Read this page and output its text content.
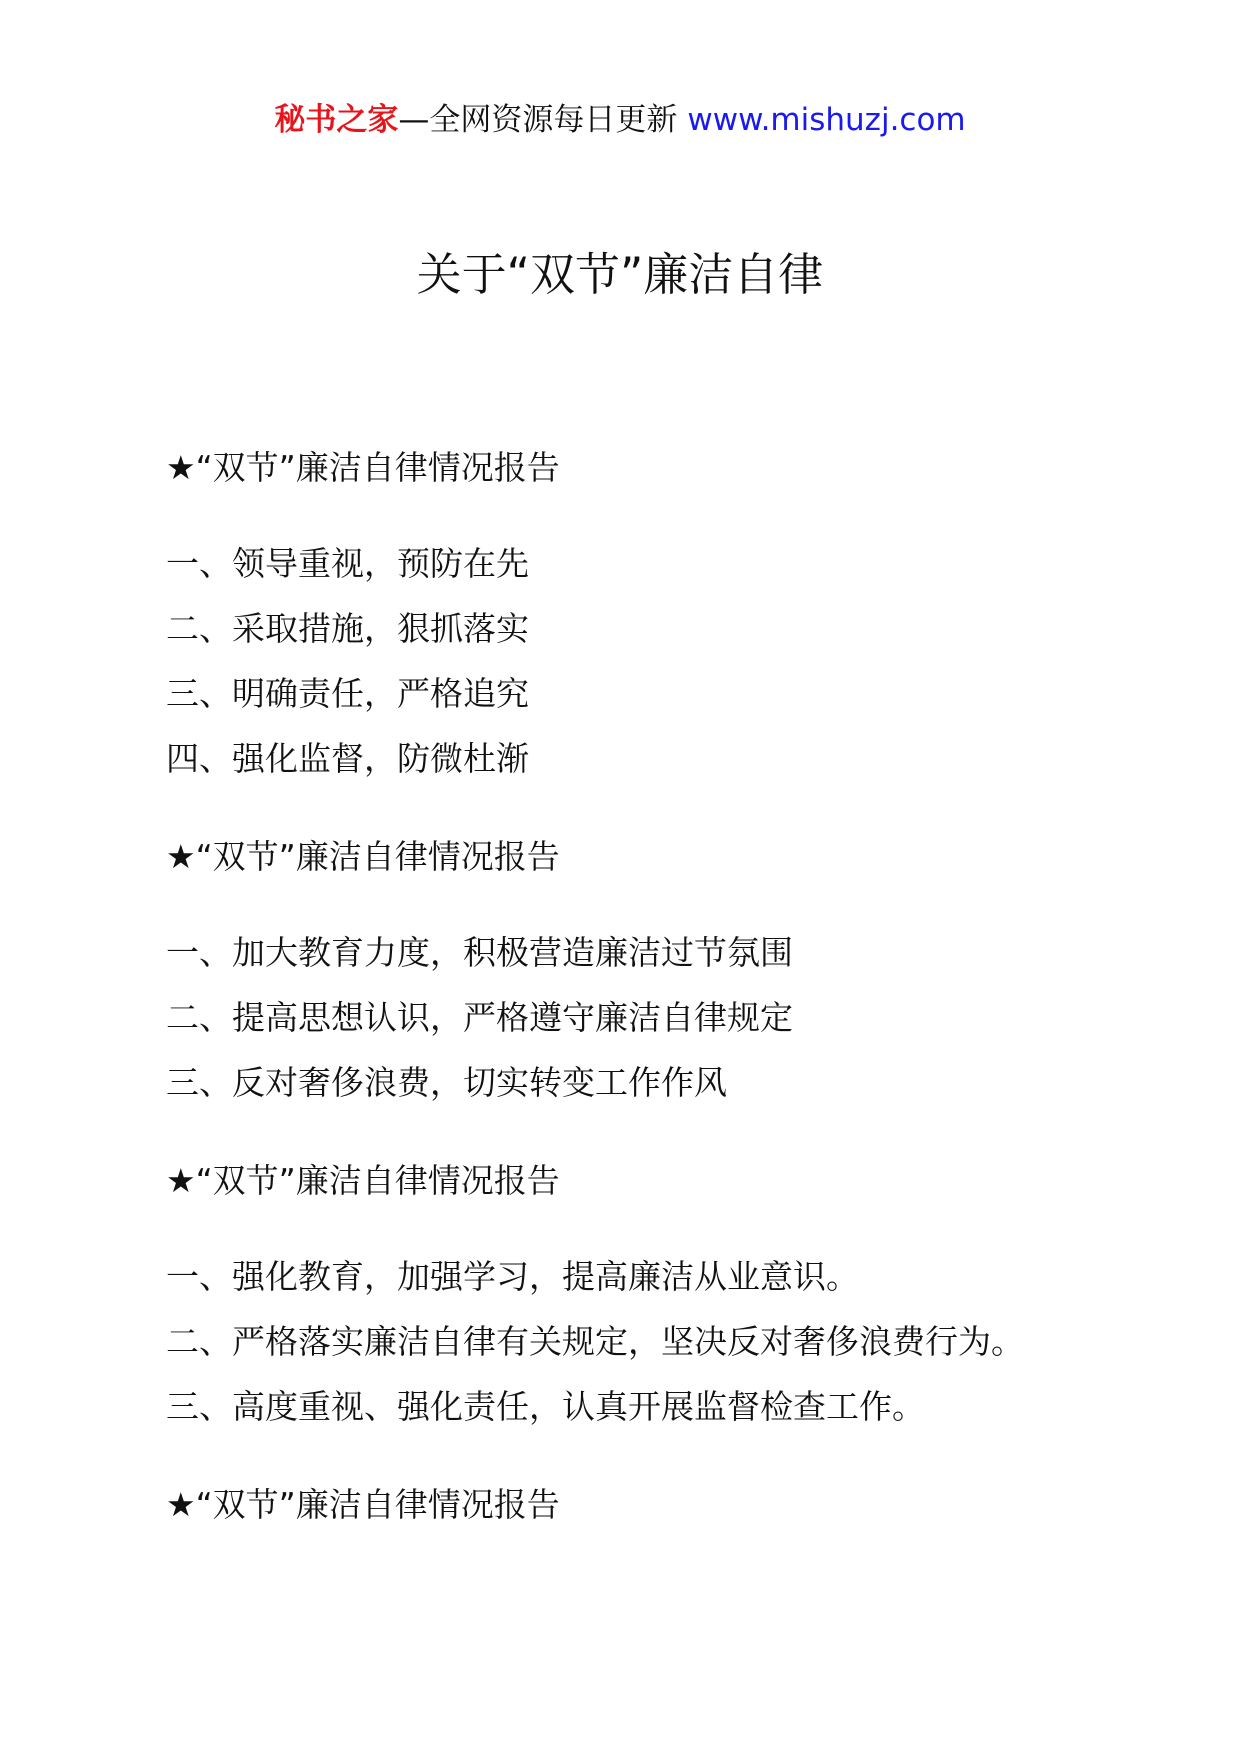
秘书之家—全网资源每日更新 www.mishuzj.com
关于“双节”廉洁自律
★“双节”廉洁自律情况报告
一、领导重视，预防在先
二、采取措施，狠抓落实
三、明确责任，严格追究
四、强化监督，防微杜渐
★“双节”廉洁自律情况报告
一、加大教育力度，积极营造廉洁过节氛围
二、提高思想认识，严格遵守廉洁自律规定
三、反对奢侈浪费，切实转变工作作风
★“双节”廉洁自律情况报告
一、强化教育，加强学习，提高廉洁从业意识。
二、严格落实廉洁自律有关规定，坚决反对奢侈浪费行为。
三、高度重视、强化责任，认真开展监督检查工作。
★“双节”廉洁自律情况报告
